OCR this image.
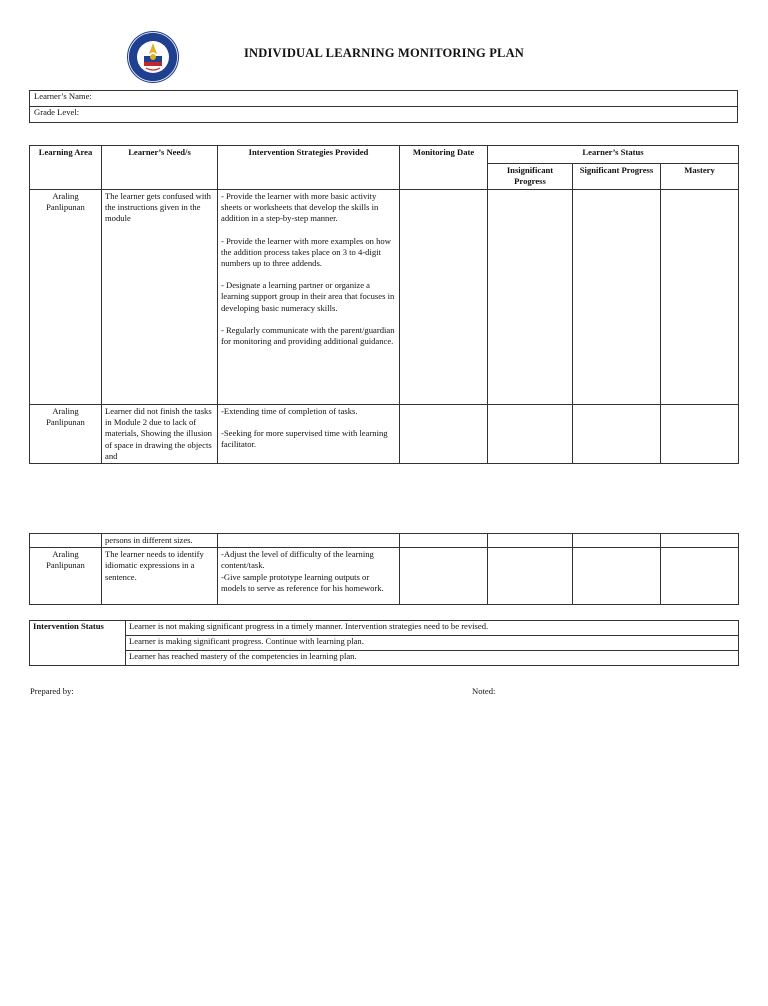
INDIVIDUAL LEARNING MONITORING PLAN
Learner’s Name:
Grade Level:
Learning Area	Learner’s Need/s	Intervention Strategies Provided	Monitoring Date	Learner’s Status		
				Insignificant Progress	Significant Progress	Mastery
Araling Panlipunan	The learner gets confused with the instructions given in the module	- Provide the learner with more basic activity sheets or worksheets that develop the skills in addition in a step-by-step manner.
- Provide the learner with more examples on how the addition process takes place on 3 to 4-digit numbers up to three addends.
- Designate a learning partner or organize a learning support group in their area that focuses in developing basic numeracy skills.
- Regularly communicate with the parent/guardian for monitoring and providing additional guidance.				

Araling Panlipunan	Learner did not finish the tasks in Module 2 due to lack of materials, Showing the illusion of space in drawing the objects and	-Extending time of completion of tasks.
-Seeking for more supervised time with learning facilitator.				

	persons in different sizes.					
Araling Panlipunan	The learner needs to identify idiomatic expressions in a sentence.	-Adjust the level of difficulty of the learning content/task.
-Give sample prototype learning outputs or models to serve as reference for his homework.				

Intervention Status	Learner is not making significant progress in a timely manner. Intervention strategies need to be revised.
Learner is making significant progress. Continue with learning plan.
Learner has reached mastery of the competencies in learning plan.
Prepared by:	Noted:
